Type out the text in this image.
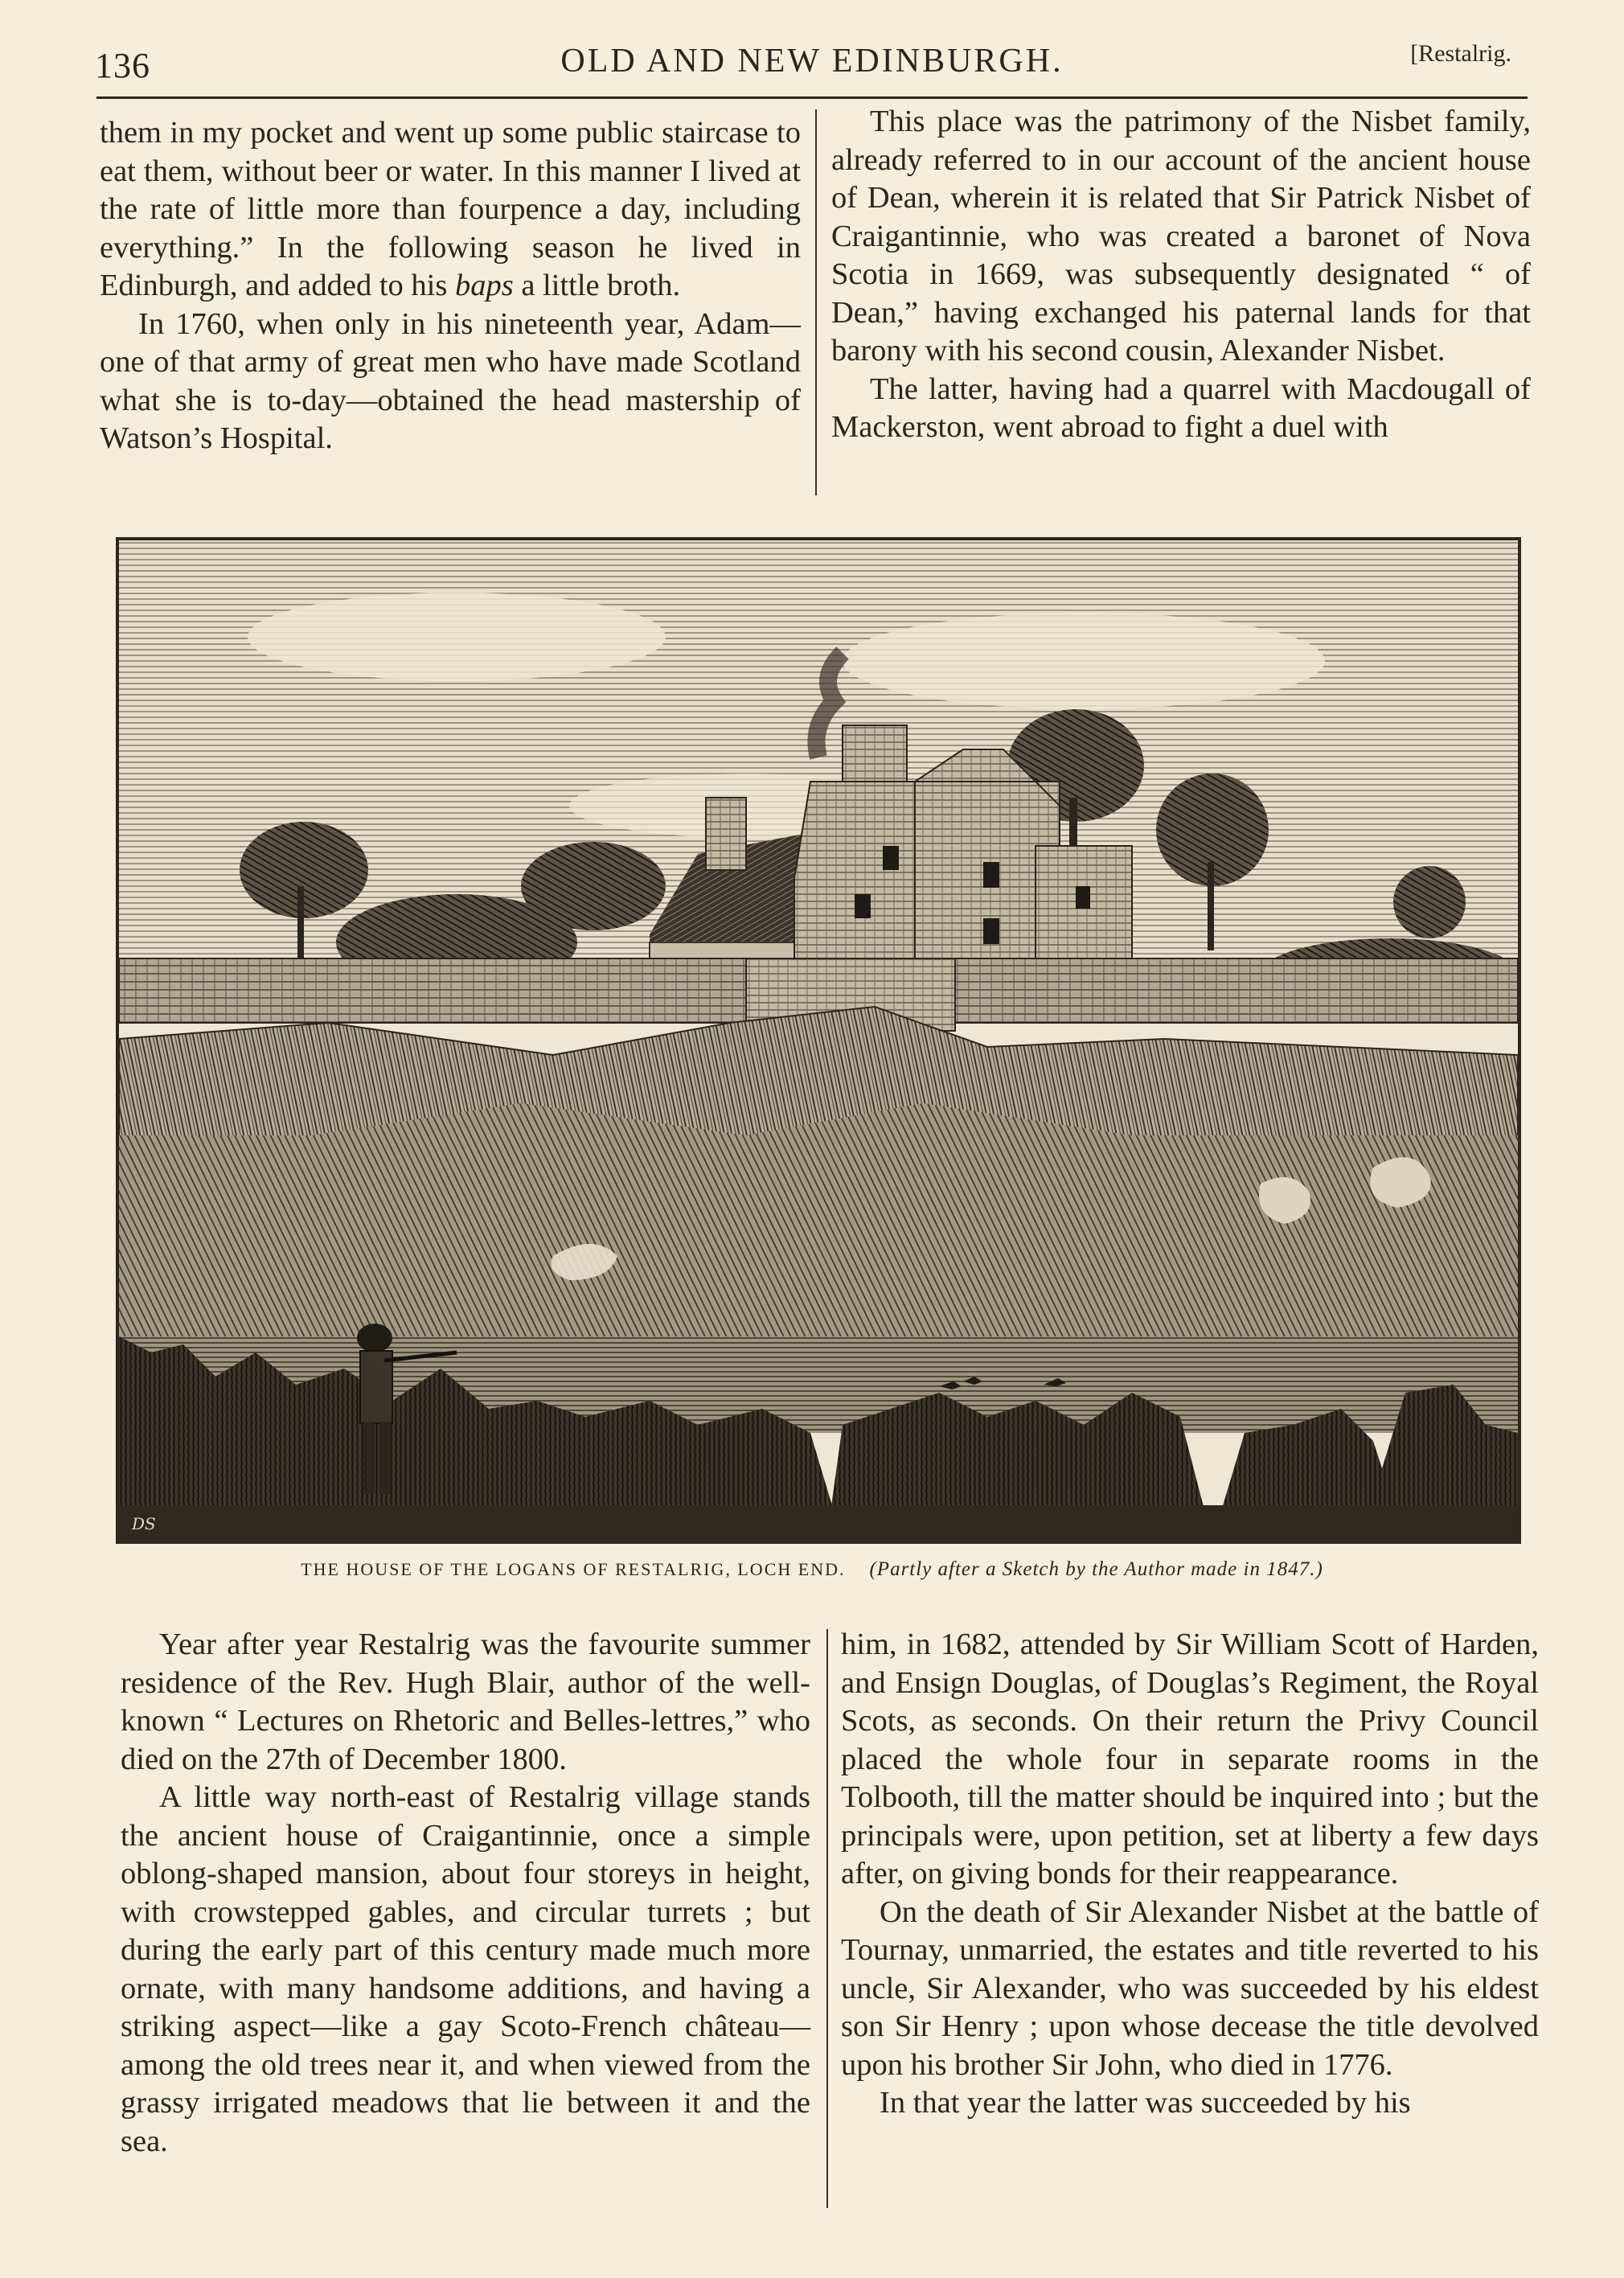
136	OLD AND NEW EDINBURGH.	[Restalrig.

them in my pocket and went up some public staircase to eat them, without beer or water. In this manner I lived at the rate of little more than fourpence a day, including everything.” In the following season he lived in Edinburgh, and added to his baps a little broth.

In 1760, when only in his nineteenth year, Adam—one of that army of great men who have made Scotland what she is to-day—obtained the head mastership of Watson’s Hospital.

This place was the patrimony of the Nisbet family, already referred to in our account of the ancient house of Dean, wherein it is related that Sir Patrick Nisbet of Craigantinnie, who was created a baronet of Nova Scotia in 1669, was subsequently designated “ of Dean,” having exchanged his paternal lands for that barony with his second cousin, Alexander Nisbet.

The latter, having had a quarrel with Macdougall of Mackerston, went abroad to fight a duel with

DS
THE HOUSE OF THE LOGANS OF RESTALRIG, LOCH END. (Partly after a Sketch by the Author made in 1847.)

Year after year Restalrig was the favourite summer residence of the Rev. Hugh Blair, author of the well-known “ Lectures on Rhetoric and Belles-lettres,” who died on the 27th of December 1800.

A little way north-east of Restalrig village stands the ancient house of Craigantinnie, once a simple oblong-shaped mansion, about four storeys in height, with crowstepped gables, and circular turrets ; but during the early part of this century made much more ornate, with many handsome additions, and having a striking aspect—like a gay Scoto-French château—among the old trees near it, and when viewed from the grassy irrigated meadows that lie between it and the sea.

him, in 1682, attended by Sir William Scott of Harden, and Ensign Douglas, of Douglas’s Regiment, the Royal Scots, as seconds. On their return the Privy Council placed the whole four in separate rooms in the Tolbooth, till the matter should be inquired into ; but the principals were, upon petition, set at liberty a few days after, on giving bonds for their reappearance.

On the death of Sir Alexander Nisbet at the battle of Tournay, unmarried, the estates and title reverted to his uncle, Sir Alexander, who was succeeded by his eldest son Sir Henry ; upon whose decease the title devolved upon his brother Sir John, who died in 1776.

In that year the latter was succeeded by his
